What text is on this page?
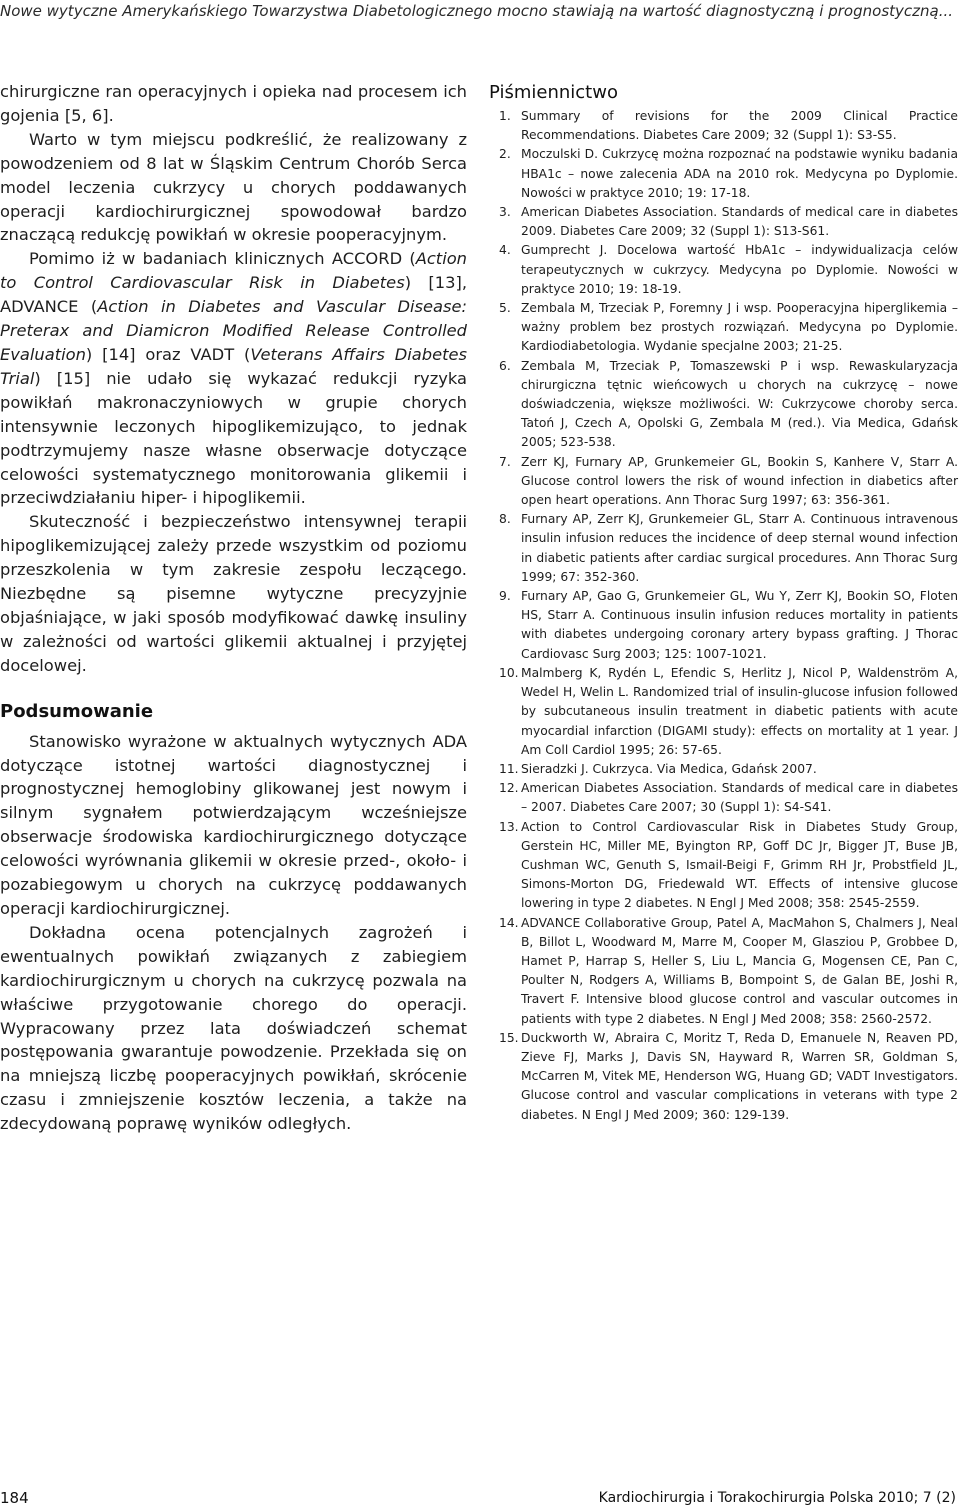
Nowe wytyczne Amerykańskiego Towarzystwa Diabetologicznego mocno stawiają na wartość diagnostyczną i prognostyczną...

chirurgiczne ran operacyjnych i opieka nad procesem ich gojenia [5, 6].

Warto w tym miejscu podkreślić, że realizowany z powodzeniem od 8 lat w Śląskim Centrum Chorób Serca model leczenia cukrzycy u chorych poddawanych operacji kardiochirurgicznej spowodował bardzo znaczącą redukcję powikłań w okresie pooperacyjnym.

Pomimo iż w badaniach klinicznych ACCORD (Action to Control Cardiovascular Risk in Diabetes) [13], ADVANCE (Action in Diabetes and Vascular Disease: Preterax and Diamicron Modified Release Controlled Evaluation) [14] oraz VADT (Veterans Affairs Diabetes Trial) [15] nie udało się wykazać redukcji ryzyka powikłań makronaczyniowych w grupie chorych intensywnie leczonych hipoglikemizująco, to jednak podtrzymujemy nasze własne obserwacje dotyczące celowości systematycznego monitorowania glikemii i przeciwdziałaniu hiper- i hipoglikemii.

Skuteczność i bezpieczeństwo intensywnej terapii hipoglikemizującej zależy przede wszystkim od poziomu przeszkolenia w tym zakresie zespołu leczącego. Niezbędne są pisemne wytyczne precyzyjnie objaśniające, w jaki sposób modyfikować dawkę insuliny w zależności od wartości glikemii aktualnej i przyjętej docelowej.

Podsumowanie

Stanowisko wyrażone w aktualnych wytycznych ADA dotyczące istotnej wartości diagnostycznej i prognostycznej hemoglobiny glikowanej jest nowym i silnym sygnałem potwierdzającym wcześniejsze obserwacje środowiska kardiochirurgicznego dotyczące celowości wyrównania glikemii w okresie przed-, około- i pozabiegowym u chorych na cukrzycę poddawanych operacji kardiochirurgicznej.

Dokładna ocena potencjalnych zagrożeń i ewentualnych powikłań związanych z zabiegiem kardiochirurgicznym u chorych na cukrzycę pozwala na właściwe przygotowanie chorego do operacji. Wypracowany przez lata doświadczeń schemat postępowania gwarantuje powodzenie. Przekłada się on na mniejszą liczbę pooperacyjnych powikłań, skrócenie czasu i zmniejszenie kosztów leczenia, a także na zdecydowaną poprawę wyników odległych.

Piśmiennictwo
1. Summary of revisions for the 2009 Clinical Practice Recommendations. Diabetes Care 2009; 32 (Suppl 1): S3-S5.
2. Moczulski D. Cukrzycę można rozpoznać na podstawie wyniku badania HBA1c – nowe zalecenia ADA na 2010 rok. Medycyna po Dyplomie. Nowości w praktyce 2010; 19: 17-18.
3. American Diabetes Association. Standards of medical care in diabetes 2009. Diabetes Care 2009; 32 (Suppl 1): S13-S61.
4. Gumprecht J. Docelowa wartość HbA1c – indywidualizacja celów terapeutycznych w cukrzycy. Medycyna po Dyplomie. Nowości w praktyce 2010; 19: 18-19.
5. Zembala M, Trzeciak P, Foremny J i wsp. Pooperacyjna hiperglikemia – ważny problem bez prostych rozwiązań. Medycyna po Dyplomie. Kardiodiabetologia. Wydanie specjalne 2003; 21-25.
6. Zembala M, Trzeciak P, Tomaszewski P i wsp. Rewaskularyzacja chirurgiczna tętnic wieńcowych u chorych na cukrzycę – nowe doświadczenia, większe możliwości. W: Cukrzycowe choroby serca. Tatoń J, Czech A, Opolski G, Zembala M (red.). Via Medica, Gdańsk 2005; 523-538.
7. Zerr KJ, Furnary AP, Grunkemeier GL, Bookin S, Kanhere V, Starr A. Glucose control lowers the risk of wound infection in diabetics after open heart operations. Ann Thorac Surg 1997; 63: 356-361.
8. Furnary AP, Zerr KJ, Grunkemeier GL, Starr A. Continuous intravenous insulin infusion reduces the incidence of deep sternal wound infection in diabetic patients after cardiac surgical procedures. Ann Thorac Surg 1999; 67: 352-360.
9. Furnary AP, Gao G, Grunkemeier GL, Wu Y, Zerr KJ, Bookin SO, Floten HS, Starr A. Continuous insulin infusion reduces mortality in patients with diabetes undergoing coronary artery bypass grafting. J Thorac Cardiovasc Surg 2003; 125: 1007-1021.
10. Malmberg K, Rydén L, Efendic S, Herlitz J, Nicol P, Waldenström A, Wedel H, Welin L. Randomized trial of insulin-glucose infusion followed by subcutaneous insulin treatment in diabetic patients with acute myocardial infarction (DIGAMI study): effects on mortality at 1 year. J Am Coll Cardiol 1995; 26: 57-65.
11. Sieradzki J. Cukrzyca. Via Medica, Gdańsk 2007.
12. American Diabetes Association. Standards of medical care in diabetes – 2007. Diabetes Care 2007; 30 (Suppl 1): S4-S41.
13. Action to Control Cardiovascular Risk in Diabetes Study Group, Gerstein HC, Miller ME, Byington RP, Goff DC Jr, Bigger JT, Buse JB, Cushman WC, Genuth S, Ismail-Beigi F, Grimm RH Jr, Probstfield JL, Simons-Morton DG, Friedewald WT. Effects of intensive glucose lowering in type 2 diabetes. N Engl J Med 2008; 358: 2545-2559.
14. ADVANCE Collaborative Group, Patel A, MacMahon S, Chalmers J, Neal B, Billot L, Woodward M, Marre M, Cooper M, Glasziou P, Grobbee D, Hamet P, Harrap S, Heller S, Liu L, Mancia G, Mogensen CE, Pan C, Poulter N, Rodgers A, Williams B, Bompoint S, de Galan BE, Joshi R, Travert F. Intensive blood glucose control and vascular outcomes in patients with type 2 diabetes. N Engl J Med 2008; 358: 2560-2572.
15. Duckworth W, Abraira C, Moritz T, Reda D, Emanuele N, Reaven PD, Zieve FJ, Marks J, Davis SN, Hayward R, Warren SR, Goldman S, McCarren M, Vitek ME, Henderson WG, Huang GD; VADT Investigators. Glucose control and vascular complications in veterans with type 2 diabetes. N Engl J Med 2009; 360: 129-139.
184	Kardiochirurgia i Torakochirurgia Polska 2010; 7 (2)
